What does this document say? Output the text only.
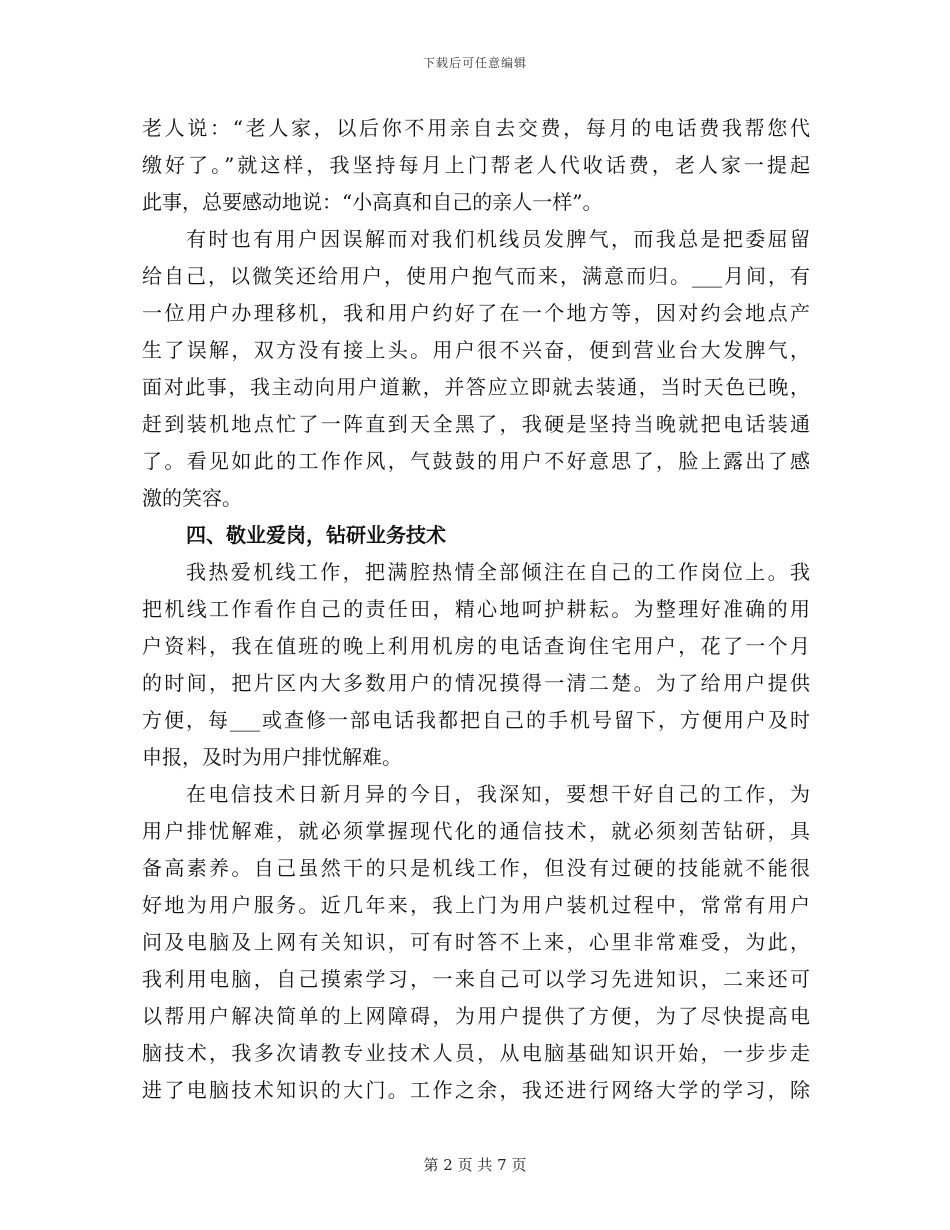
下载后可任意编辑
老人说：“老人家，以后你不用亲自去交费，每月的电话费我帮您代
缴好了。”就这样，我坚持每月上门帮老人代收话费，老人家一提起
此事，总要感动地说：“小高真和自己的亲人一样”。
有时也有用户因误解而对我们机线员发脾气，而我总是把委屈留
给自己，以微笑还给用户，使用户抱气而来，满意而归。___月间，有
一位用户办理移机，我和用户约好了在一个地方等，因对约会地点产
生了误解，双方没有接上头。用户很不兴奋，便到营业台大发脾气，
面对此事，我主动向用户道歉，并答应立即就去装通，当时天色已晚，
赶到装机地点忙了一阵直到天全黑了，我硬是坚持当晚就把电话装通
了。看见如此的工作作风，气鼓鼓的用户不好意思了，脸上露出了感
激的笑容。
四、敬业爱岗，钻研业务技术
我热爱机线工作，把满腔热情全部倾注在自己的工作岗位上。我
把机线工作看作自己的责任田，精心地呵护耕耘。为整理好准确的用
户资料，我在值班的晚上利用机房的电话查询住宅用户，花了一个月
的时间，把片区内大多数用户的情况摸得一清二楚。为了给用户提供
方便，每___或查修一部电话我都把自己的手机号留下，方便用户及时
申报，及时为用户排忧解难。
在电信技术日新月异的今日，我深知，要想干好自己的工作，为
用户排忧解难，就必须掌握现代化的通信技术，就必须刻苦钻研，具
备高素养。自己虽然干的只是机线工作，但没有过硬的技能就不能很
好地为用户服务。近几年来，我上门为用户装机过程中，常常有用户
问及电脑及上网有关知识，可有时答不上来，心里非常难受，为此，
我利用电脑，自己摸索学习，一来自己可以学习先进知识，二来还可
以帮用户解决简单的上网障碍，为用户提供了方便，为了尽快提高电
脑技术，我多次请教专业技术人员，从电脑基础知识开始，一步步走
进了电脑技术知识的大门。工作之余，我还进行网络大学的学习，除
第 2 页 共 7 页
